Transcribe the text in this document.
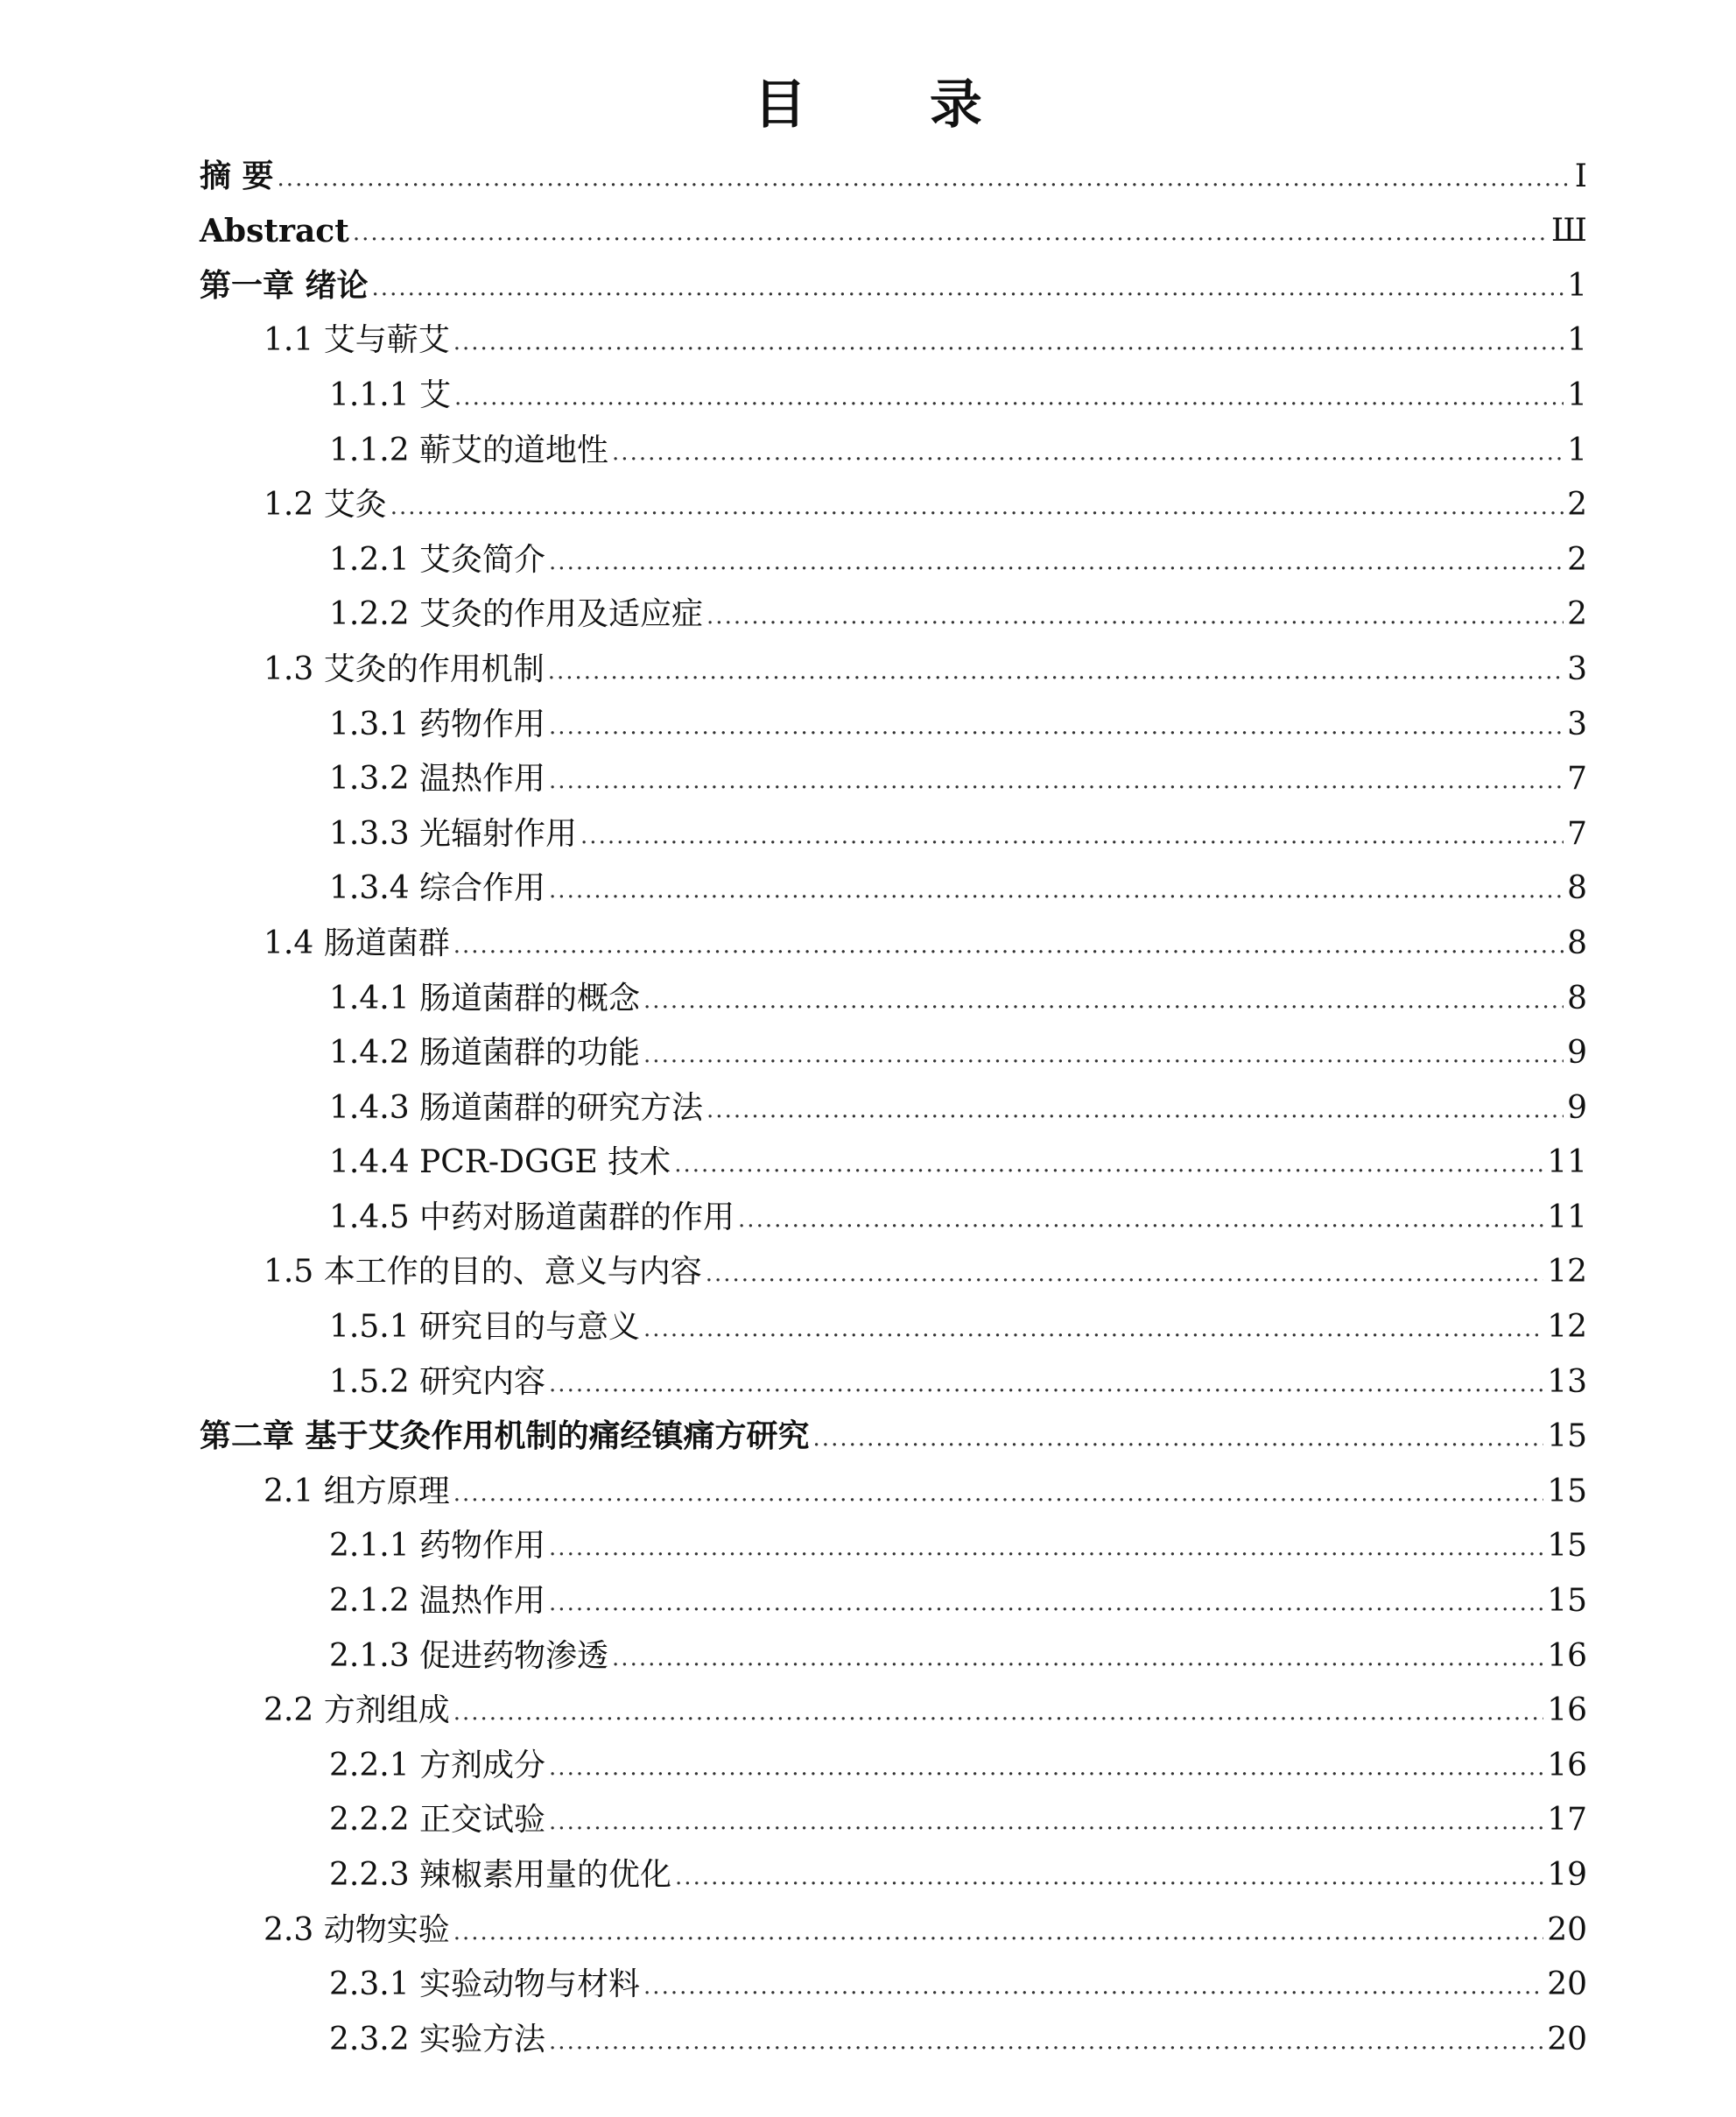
目 录
摘 要 .....	I
Abstract .....	Ш
第一章 绪论 .....	1
1.1 艾与蕲艾 .....	1
1.1.1 艾 .....	1
1.1.2 蕲艾的道地性 .....	1
1.2 艾灸 .....	2
1.2.1 艾灸简介 .....	2
1.2.2 艾灸的作用及适应症 .....	2
1.3 艾灸的作用机制 .....	3
1.3.1 药物作用 .....	3
1.3.2 温热作用 .....	7
1.3.3 光辐射作用 .....	7
1.3.4 综合作用 .....	8
1.4 肠道菌群 .....	8
1.4.1 肠道菌群的概念 .....	8
1.4.2 肠道菌群的功能 .....	9
1.4.3 肠道菌群的研究方法 .....	9
1.4.4 PCR-DGGE 技术 .....	11
1.4.5 中药对肠道菌群的作用 .....	11
1.5 本工作的目的、意义与内容 .....	12
1.5.1 研究目的与意义 .....	12
1.5.2 研究内容 .....	13
第二章 基于艾灸作用机制的痛经镇痛方研究 .....	15
2.1 组方原理 .....	15
2.1.1 药物作用 .....	15
2.1.2 温热作用 .....	15
2.1.3 促进药物渗透 .....	16
2.2 方剂组成 .....	16
2.2.1 方剂成分 .....	16
2.2.2 正交试验 .....	17
2.2.3 辣椒素用量的优化 .....	19
2.3 动物实验 .....	20
2.3.1 实验动物与材料 .....	20
2.3.2 实验方法 .....	20
